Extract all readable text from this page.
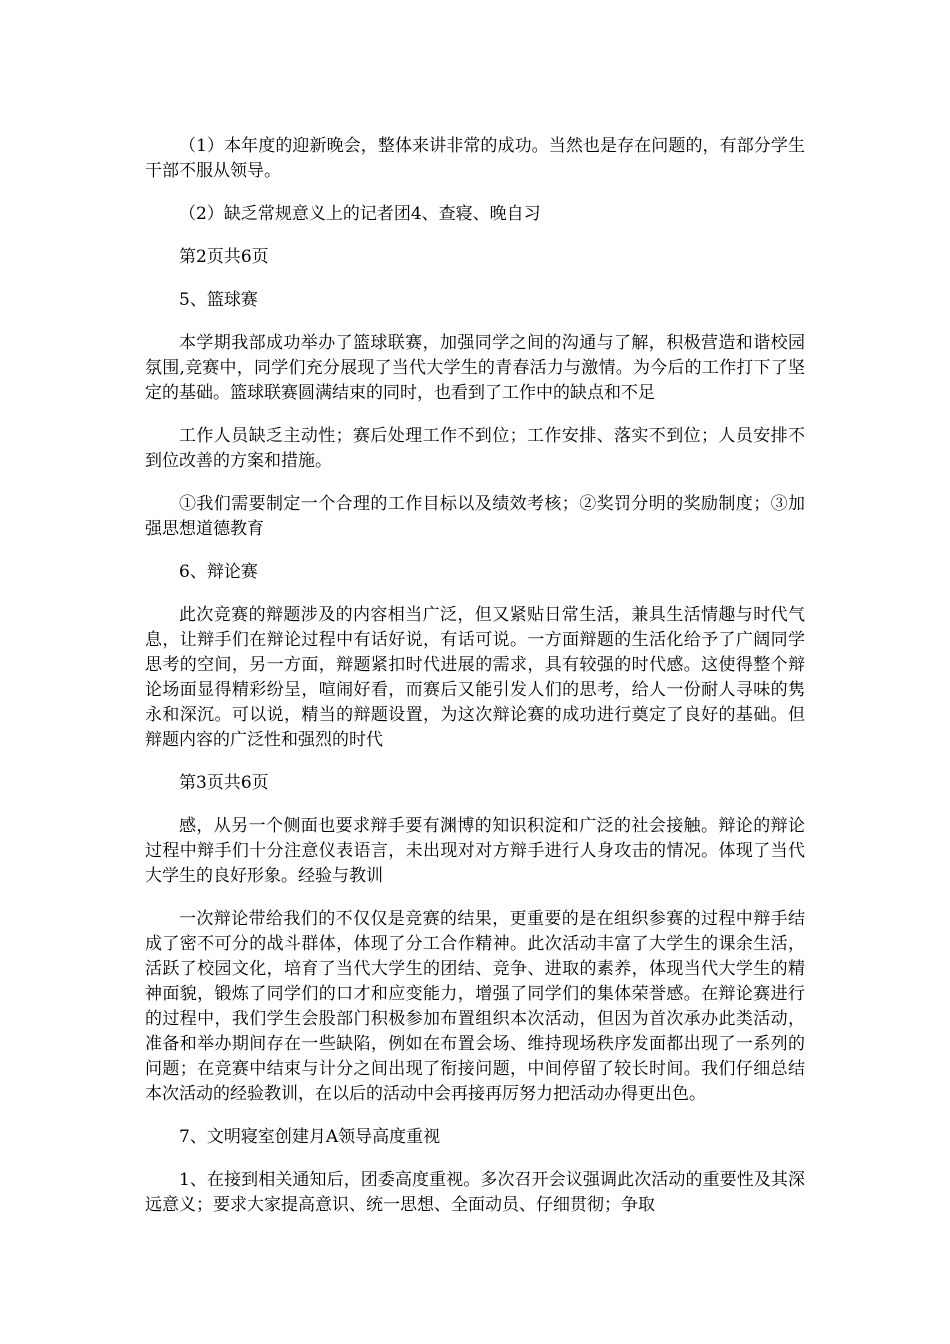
（1）本年度的迎新晚会，整体来讲非常的成功。当然也是存在问题的，有部分学生干部不服从领导。

（2）缺乏常规意义上的记者团4、查寝、晚自习

第2页共6页

5、篮球赛

本学期我部成功举办了篮球联赛，加强同学之间的沟通与了解，积极营造和谐校园氛围,竞赛中，同学们充分展现了当代大学生的青春活力与激情。为今后的工作打下了坚定的基础。篮球联赛圆满结束的同时，也看到了工作中的缺点和不足

工作人员缺乏主动性；赛后处理工作不到位；工作安排、落实不到位；人员安排不到位改善的方案和措施。

①我们需要制定一个合理的工作目标以及绩效考核；②奖罚分明的奖励制度；③加强思想道德教育

6、辩论赛

此次竞赛的辩题涉及的内容相当广泛，但又紧贴日常生活，兼具生活情趣与时代气息，让辩手们在辩论过程中有话好说，有话可说。一方面辩题的生活化给予了广阔同学思考的空间，另一方面，辩题紧扣时代进展的需求，具有较强的时代感。这使得整个辩论场面显得精彩纷呈，喧闹好看，而赛后又能引发人们的思考，给人一份耐人寻味的隽永和深沉。可以说，精当的辩题设置，为这次辩论赛的成功进行奠定了良好的基础。但辩题内容的广泛性和强烈的时代

第3页共6页

感，从另一个侧面也要求辩手要有渊博的知识积淀和广泛的社会接触。辩论的辩论过程中辩手们十分注意仪表语言，未出现对对方辩手进行人身攻击的情况。体现了当代大学生的良好形象。经验与教训

一次辩论带给我们的不仅仅是竞赛的结果，更重要的是在组织参赛的过程中辩手结成了密不可分的战斗群体，体现了分工合作精神。此次活动丰富了大学生的课余生活，活跃了校园文化，培育了当代大学生的团结、竞争、进取的素养，体现当代大学生的精神面貌，锻炼了同学们的口才和应变能力，增强了同学们的集体荣誉感。在辩论赛进行的过程中，我们学生会股部门积极参加布置组织本次活动，但因为首次承办此类活动，准备和举办期间存在一些缺陷，例如在布置会场、维持现场秩序发面都出现了一系列的问题；在竞赛中结束与计分之间出现了衔接问题，中间停留了较长时间。我们仔细总结本次活动的经验教训，在以后的活动中会再接再厉努力把活动办得更出色。

7、文明寝室创建月A领导高度重视

1、在接到相关通知后，团委高度重视。多次召开会议强调此次活动的重要性及其深远意义；要求大家提高意识、统一思想、全面动员、仔细贯彻；争取
